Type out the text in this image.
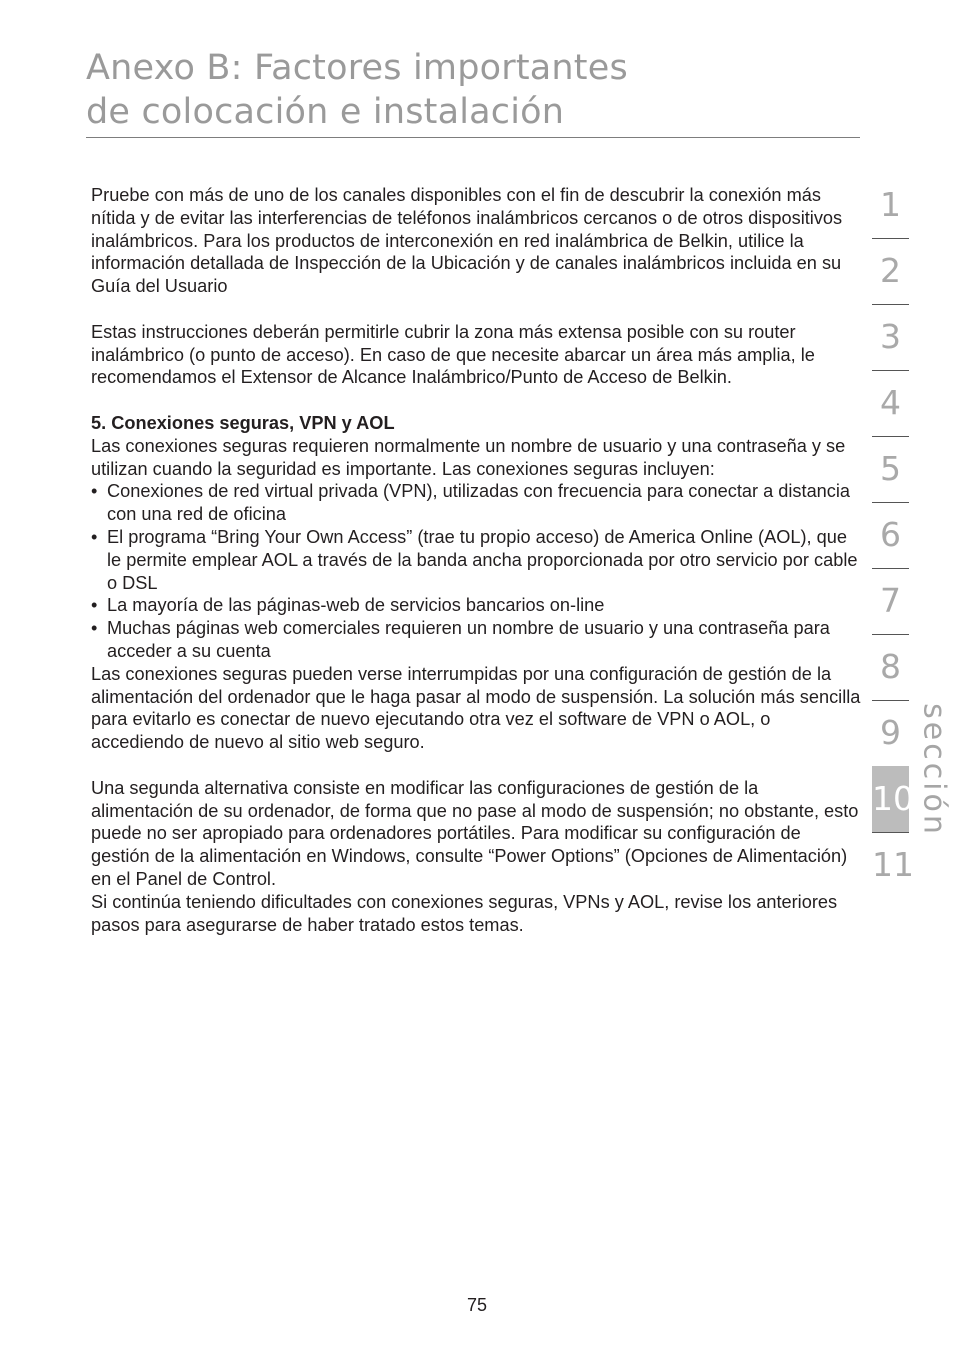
Anexo B: Factores importantes
de colocación e instalación

Pruebe con más de uno de los canales disponibles con el fin de descubrir la conexión más nítida y de evitar las interferencias de teléfonos inalámbricos cercanos o de otros dispositivos inalámbricos. Para los productos de interconexión en red inalámbrica de Belkin, utilice la información detallada de Inspección de la Ubicación y de canales inalámbricos incluida en su Guía del Usuario

Estas instrucciones deberán permitirle cubrir la zona más extensa posible con su router inalámbrico (o punto de acceso). En caso de que necesite abarcar un área más amplia, le recomendamos el Extensor de Alcance Inalámbrico/Punto de Acceso de Belkin.

5. Conexiones seguras, VPN y AOL

Las conexiones seguras requieren normalmente un nombre de usuario y una contraseña y se utilizan cuando la seguridad es importante. Las conexiones seguras incluyen:

• Conexiones de red virtual privada (VPN), utilizadas con frecuencia para conectar a distancia con una red de oficina
• El programa “Bring Your Own Access” (trae tu propio acceso) de America Online (AOL), que le permite emplear AOL a través de la banda ancha proporcionada por otro servicio por cable o DSL
• La mayoría de las páginas-web de servicios bancarios on-line
• Muchas páginas web comerciales requieren un nombre de usuario y una contraseña para acceder a su cuenta

Las conexiones seguras pueden verse interrumpidas por una configuración de gestión de la alimentación del ordenador que le haga pasar al modo de suspensión. La solución más sencilla para evitarlo es conectar de nuevo ejecutando otra vez el software de VPN o AOL, o accediendo de nuevo al sitio web seguro.

Una segunda alternativa consiste en modificar las configuraciones de gestión de la alimentación de su ordenador, de forma que no pase al modo de suspensión; no obstante, esto puede no ser apropiado para ordenadores portátiles. Para modificar su configuración de gestión de la alimentación en Windows, consulte “Power Options” (Opciones de Alimentación) en el Panel de Control.

Si continúa teniendo dificultades con conexiones seguras, VPNs y AOL, revise los anteriores pasos para asegurarse de haber tratado estos temas.

1
2
3
4
5
6
7
8
9
10
11
sección
75
